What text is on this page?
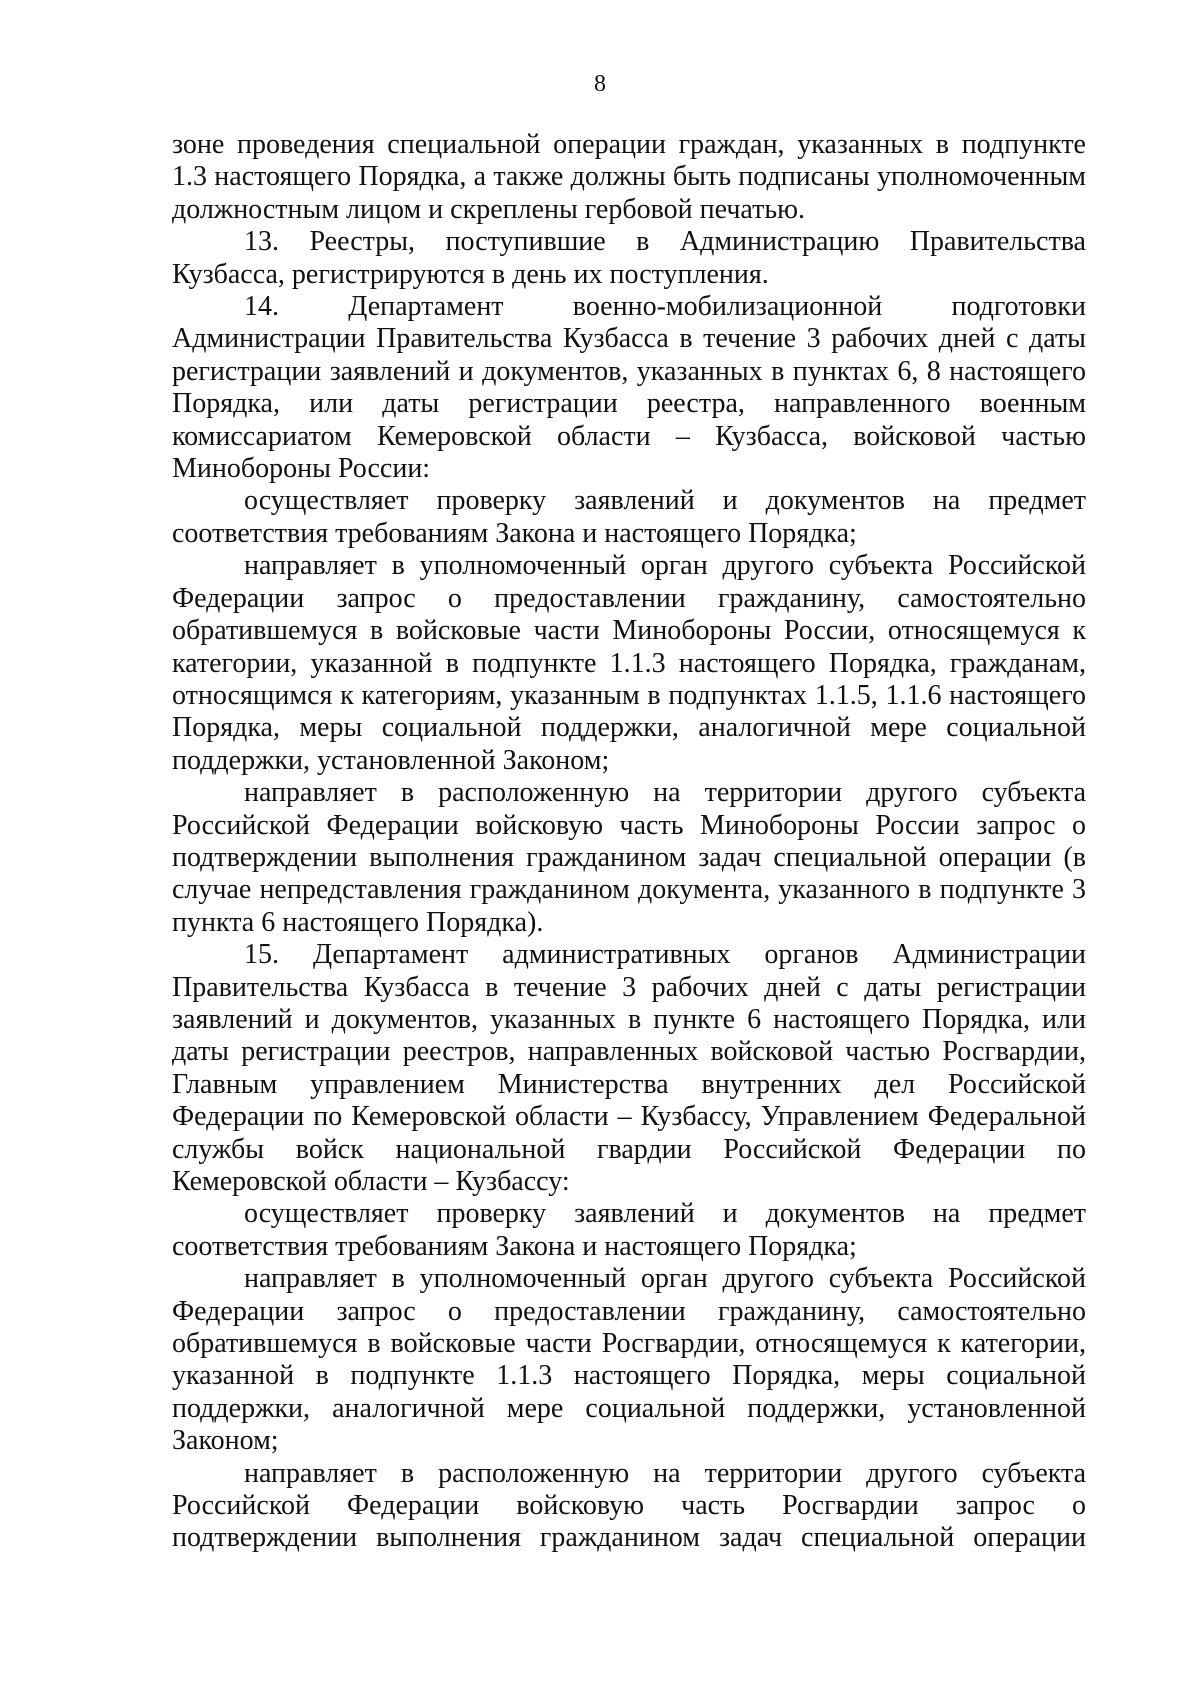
8

зоне проведения специальной операции граждан, указанных в подпункте 1.3 настоящего Порядка, а также должны быть подписаны уполномоченным должностным лицом и скреплены гербовой печатью.

13. Реестры, поступившие в Администрацию Правительства Кузбасса, регистрируются в день их поступления.

14. Департамент военно-мобилизационной подготовки Администрации Правительства Кузбасса в течение 3 рабочих дней с даты регистрации заявлений и документов, указанных в пунктах 6, 8 настоящего Порядка, или даты регистрации реестра, направленного военным комиссариатом Кемеровской области – Кузбасса, войсковой частью Минобороны России:

осуществляет проверку заявлений и документов на предмет соответствия требованиям Закона и настоящего Порядка;

направляет в уполномоченный орган другого субъекта Российской Федерации запрос о предоставлении гражданину, самостоятельно обратившемуся в войсковые части Минобороны России, относящемуся к категории, указанной в подпункте 1.1.3 настоящего Порядка, гражданам, относящимся к категориям, указанным в подпунктах 1.1.5, 1.1.6 настоящего Порядка, меры социальной поддержки, аналогичной мере социальной поддержки, установленной Законом;

направляет в расположенную на территории другого субъекта Российской Федерации войсковую часть Минобороны России запрос о подтверждении выполнения гражданином задач специальной операции (в случае непредставления гражданином документа, указанного в подпункте 3 пункта 6 настоящего Порядка).

15. Департамент административных органов Администрации Правительства Кузбасса в течение 3 рабочих дней с даты регистрации заявлений и документов, указанных в пункте 6 настоящего Порядка, или даты регистрации реестров, направленных войсковой частью Росгвардии, Главным управлением Министерства внутренних дел Российской Федерации по Кемеровской области – Кузбассу, Управлением Федеральной службы войск национальной гвардии Российской Федерации по Кемеровской области – Кузбассу:

осуществляет проверку заявлений и документов на предмет соответствия требованиям Закона и настоящего Порядка;

направляет в уполномоченный орган другого субъекта Российской Федерации запрос о предоставлении гражданину, самостоятельно обратившемуся в войсковые части Росгвардии, относящемуся к категории, указанной в подпункте 1.1.3 настоящего Порядка, меры социальной поддержки, аналогичной мере социальной поддержки, установленной Законом;

направляет в расположенную на территории другого субъекта Российской Федерации войсковую часть Росгвардии запрос о подтверждении выполнения гражданином задач специальной операции
